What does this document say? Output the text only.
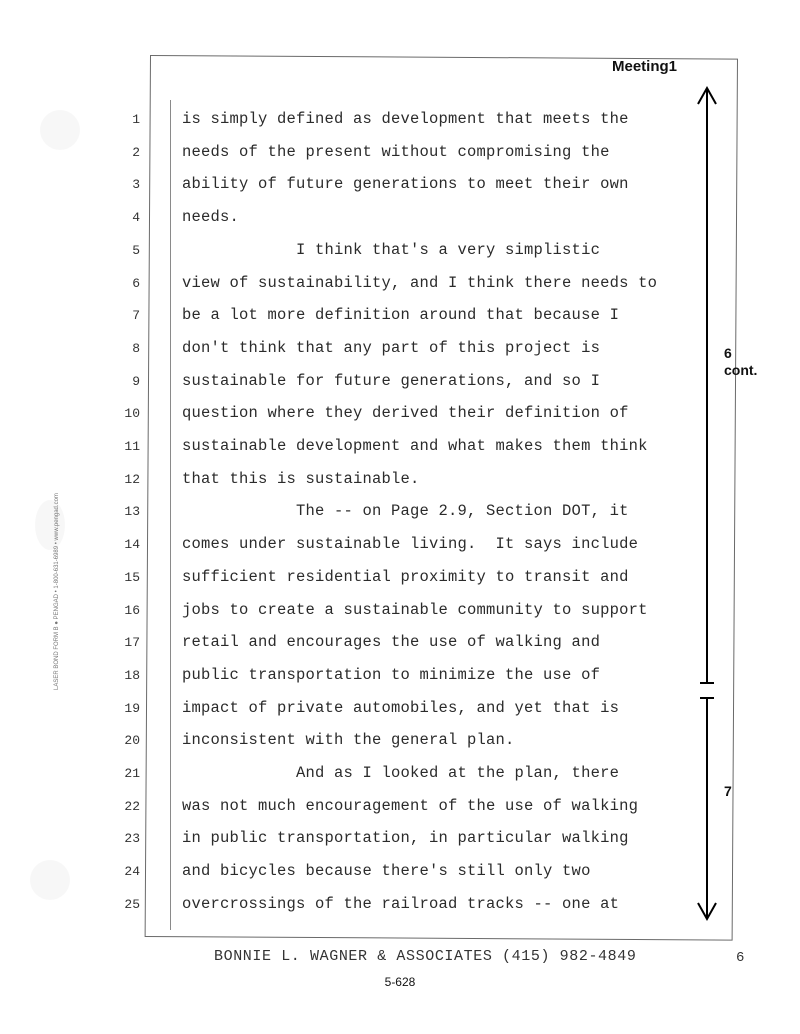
Meeting1
1	is simply defined as development that meets the
2	needs of the present without compromising the
3	ability of future generations to meet their own
4	needs.
5	I think that's a very simplistic
6	view of sustainability, and I think there needs to
7	be a lot more definition around that because I
8	don't think that any part of this project is
9	sustainable for future generations, and so I
10	question where they derived their definition of
11	sustainable development and what makes them think
12	that this is sustainable.
13	The -- on Page 2.9, Section DOT, it
14	comes under sustainable living.  It says include
15	sufficient residential proximity to transit and
16	jobs to create a sustainable community to support
17	retail and encourages the use of walking and
18	public transportation to minimize the use of
19	impact of private automobiles, and yet that is
20	inconsistent with the general plan.
21	And as I looked at the plan, there
22	was not much encouragement of the use of walking
23	in public transportation, in particular walking
24	and bicycles because there's still only two
25	overcrossings of the railroad tracks -- one at
6
cont.
7
BONNIE L. WAGNER & ASSOCIATES (415) 982-4849	6
5-628
LASER BOND FORM B ● PENGAD • 1-800-631-6989 • www.pengad.com
